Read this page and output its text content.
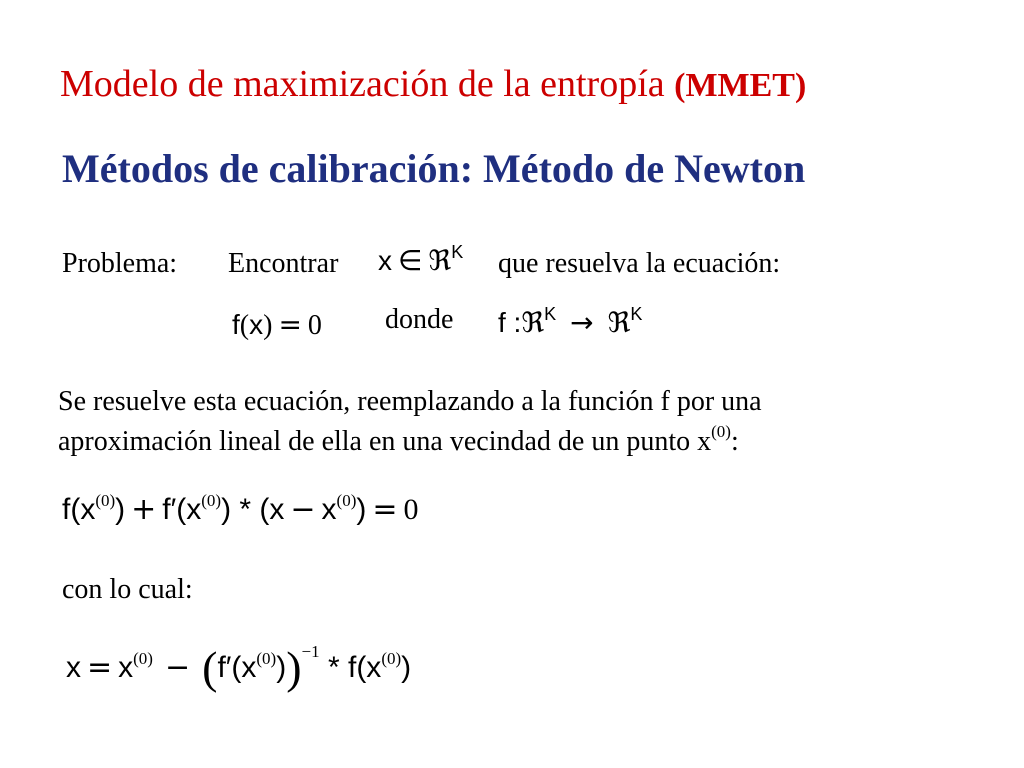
Modelo de maximización de la entropía (MMET)
Métodos de calibración: Método de Newton
Problema: Encontrar x ∈ ℜ$^K$ que resuelva la ecuación:
f(x) = 0 donde f :ℜ$^K$ → ℜ$^K$
Se resuelve esta ecuación, reemplazando a la función f por una
aproximación lineal de ella en una vecindad de un punto $x^{(0)}$:
$f(x^{(0)}) + f'(x^{(0)}) * (x - x^{(0)}) = 0$
con lo cual:
$x = x^{(0)} - (f'(x^{(0)}))^{-1} * f(x^{(0)})$
